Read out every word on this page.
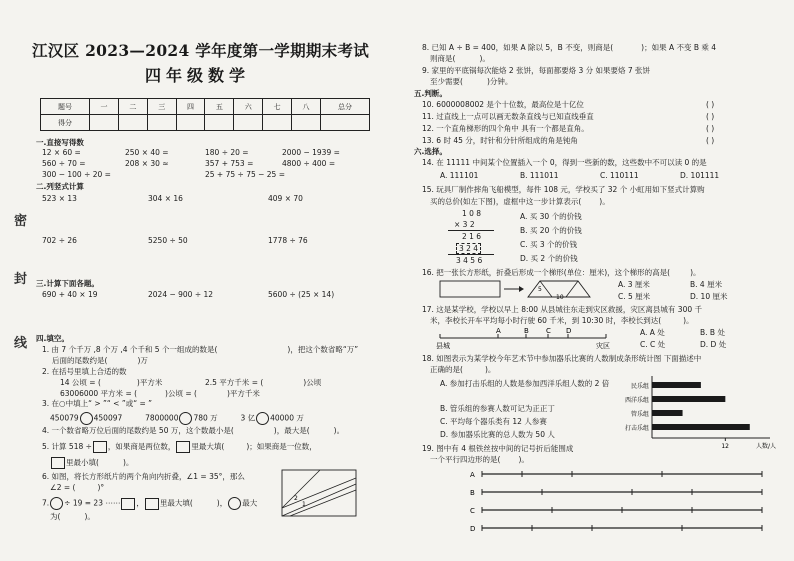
密
封
线
江汉区 2023—2024 学年度第一学期期末考试
四年级数学
题号	一	二	三	四	五	六	七	八	总分
得分									
一.直接写得数
12 × 60 =	250 × 40 =	180 ÷ 20 =	2000 − 1939 =
560 ÷ 70 =	208 × 30 ≈	357 + 753 =	4800 ÷ 400 =
300 − 100 ÷ 20 =	25 + 75 ÷ 75 − 25 =
二.列竖式计算
523 × 13	304 × 16	409 × 70
702 ÷ 26	5250 ÷ 50	1778 ÷ 76
三.计算下面各题。
690 + 40 × 19	2024 − 900 ÷ 12	5600 ÷ (25 × 14)
四.填空。
1. 由 7 个千万 ,8 个万 ,4 个千和 5 个一组成的数是(	)，把这个数省略“万”
后面的尾数约是(	)万
2. 在括号里填上合适的数
14 公顷 = (	)平方米	2.5 平方千米 = (	)公顷
63006000 平方米 = (	)公顷 = (	)平方千米
3. 在○中填上“ > ”“ < ”或“ = ”
450079 450097	7800000 780 万	3 亿 40000 万
4. 一个数省略万位后面的尾数约是 50 万，这个数最小是(	)，最大是(	)。
5. 计算 518 ÷ ，如果商是两位数， 里最大填(	)；如果商是一位数，
里最小填(	)。
6. 如图，将长方形纸片的两个角向内折叠，∠1 = 35°，那么
∠2 = (	)°
7. ÷ 19 = 23 ⋯⋯ ， 里最大填(	)， 最大
为(	)。
1
2
8. 已知 A ÷ B = 400，如果 A 除以 5，B 不变，则商是(	)；如果 A 不变 B 乘 4
则商是(	)。
9. 家里的平底锅每次能烙 2 张饼，每面都要烙 3 分 如果要烙 7 张饼
至少需要(	)分钟。
五.判断。
10. 6000008002 是个十位数，最高位是十亿位	( )
11. 过直线上一点可以画无数条直线与已知直线垂直	( )
12. 一个直角梯形的四个角中 具有一个都是直角。	( )
13. 6 时 45 分，时针和分针所组成的角是钝角	( )
六.选择。
14. 在 11111 中间某个位置插入一个 0，得到一些新的数，这些数中不可以读 0 的是
A. 111101	B. 111011	C. 110111	D. 101111
15. 玩具厂制作摔角飞船模型，每件 108 元，学校买了 32 个 小虹用如下竖式计算购
买的总价(如左下图)，虚框中这一步计算表示( )。
1 0 8
× 3 2
2 1 6
3 2 4
3 4 5 6
A. 买 30 个的价钱
B. 买 20 个的价钱
C. 买 3 个的价钱
D. 买 2 个的价钱
16. 把一张长方形纸，折叠后形成一个梯形(单位：厘米)，这个梯形的高是(	)。
5
10
A. 3 厘米	B. 4 厘米
C. 5 厘米	D. 10 厘米
17. 这是某学校，学校以早上 8:00 从县城往东走到灾区救援，灾区离县城有 300 千
米，李校长开车平均每小时行驶 60 千米，到 10:30 时，李校长到达(	)。
A	B C D
县城	灾区
A. A 处	B. B 处
C. C 处	D. D 处
18. 如图表示为某学校今年艺术节中参加器乐比赛的人数制成条形统计图 下面描述中
正确的是(	)。
A. 参加打击乐组的人数是参加西洋乐组人数的 2 倍
B. 管乐组的参赛人数可记为正正丁
C. 平均每个器乐类有 12 人参赛
D. 参加器乐比赛的总人数为 50 人
民乐组
西洋乐组
管乐组
打击乐组
12	人数/人
19. 图中有 4 根铁丝按中间的记号折后能围成
一个平行四边形的是( )。
A
B
C
D
